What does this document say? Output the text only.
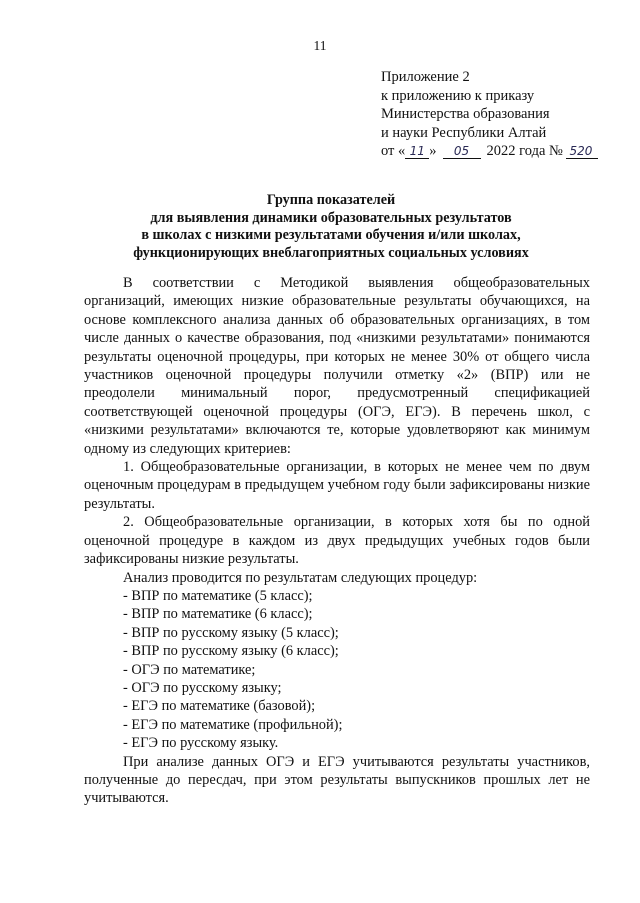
11
Приложение 2
к приложению к приказу
Министерства образования
и науки Республики Алтай
от « 11 » 05 2022 года № 520
Группа показателей
для выявления динамики образовательных результатов
в школах с низкими результатами обучения и/или школах,
функционирующих внеблагоприятных социальных условиях

В соответствии с Методикой выявления общеобразовательных организаций, имеющих низкие образовательные результаты обучающихся, на основе комплексного анализа данных об образовательных организациях, в том числе данных о качестве образования, под «низкими результатами» понимаются результаты оценочной процедуры, при которых не менее 30% от общего числа участников оценочной процедуры получили отметку «2» (ВПР) или не преодолели минимальный порог, предусмотренный спецификацией соответствующей оценочной процедуры (ОГЭ, ЕГЭ). В перечень школ, с «низкими результатами» включаются те, которые удовлетворяют как минимум одному из следующих критериев:

1. Общеобразовательные организации, в которых не менее чем по двум оценочным процедурам в предыдущем учебном году были зафиксированы низкие результаты.

2. Общеобразовательные организации, в которых хотя бы по одной оценочной процедуре в каждом из двух предыдущих учебных годов были зафиксированы низкие результаты.

Анализ проводится по результатам следующих процедур:

- ВПР по математике (5 класс);
- ВПР по математике (6 класс);
- ВПР по русскому языку (5 класс);
- ВПР по русскому языку (6 класс);
- ОГЭ по математике;
- ОГЭ по русскому языку;
- ЕГЭ по математике (базовой);
- ЕГЭ по математике (профильной);
- ЕГЭ по русскому языку.

При анализе данных ОГЭ и ЕГЭ учитываются результаты участников, полученные до пересдач, при этом результаты выпускников прошлых лет не учитываются.
